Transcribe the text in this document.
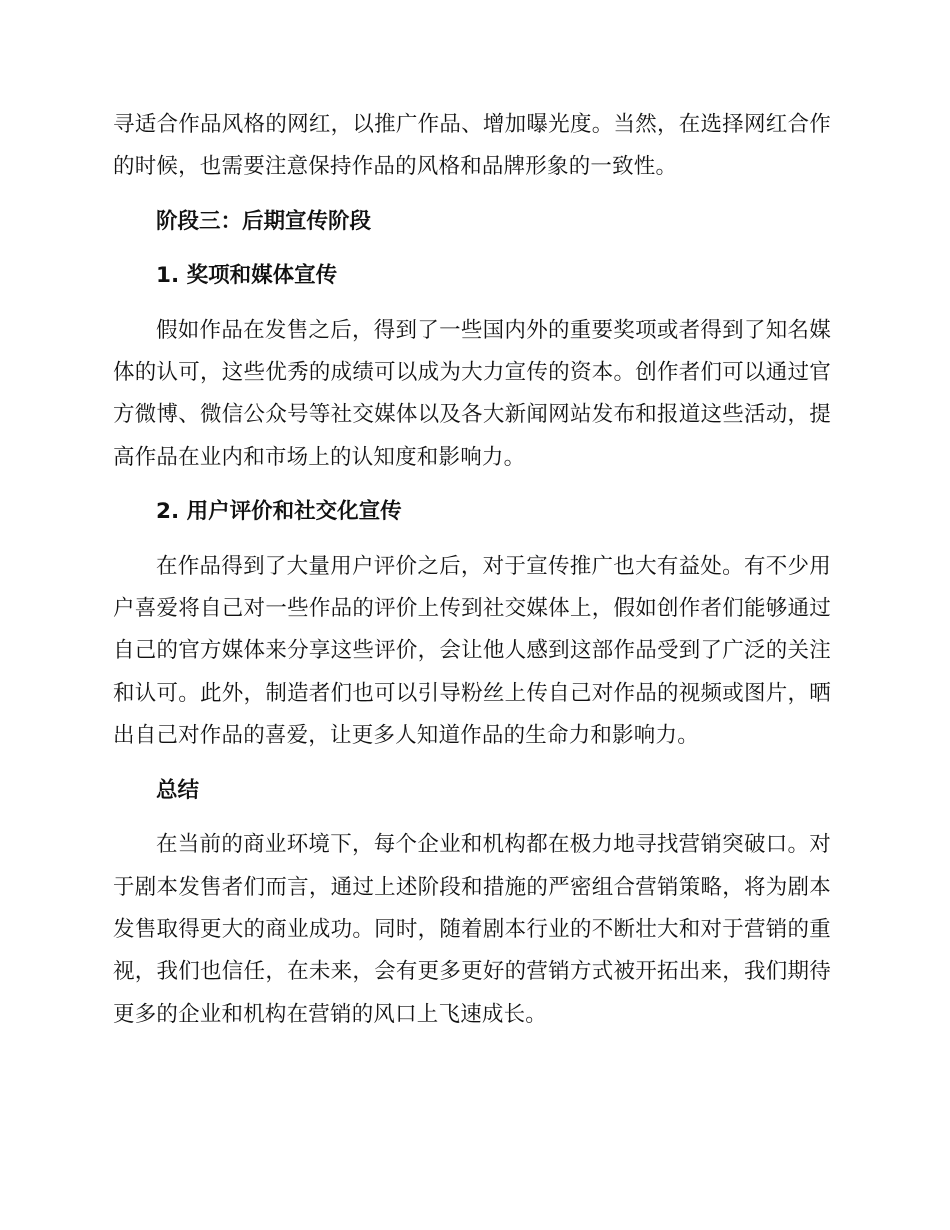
寻适合作品风格的网红，以推广作品、增加曝光度。当然，在选择网红合作的时候，也需要注意保持作品的风格和品牌形象的一致性。

阶段三：后期宣传阶段

1. 奖项和媒体宣传

假如作品在发售之后，得到了一些国内外的重要奖项或者得到了知名媒体的认可，这些优秀的成绩可以成为大力宣传的资本。创作者们可以通过官方微博、微信公众号等社交媒体以及各大新闻网站发布和报道这些活动，提高作品在业内和市场上的认知度和影响力。

2. 用户评价和社交化宣传

在作品得到了大量用户评价之后，对于宣传推广也大有益处。有不少用户喜爱将自己对一些作品的评价上传到社交媒体上，假如创作者们能够通过自己的官方媒体来分享这些评价，会让他人感到这部作品受到了广泛的关注和认可。此外，制造者们也可以引导粉丝上传自己对作品的视频或图片，晒出自己对作品的喜爱，让更多人知道作品的生命力和影响力。

总结

在当前的商业环境下，每个企业和机构都在极力地寻找营销突破口。对于剧本发售者们而言，通过上述阶段和措施的严密组合营销策略，将为剧本发售取得更大的商业成功。同时，随着剧本行业的不断壮大和对于营销的重视，我们也信任，在未来，会有更多更好的营销方式被开拓出来，我们期待更多的企业和机构在营销的风口上飞速成长。
